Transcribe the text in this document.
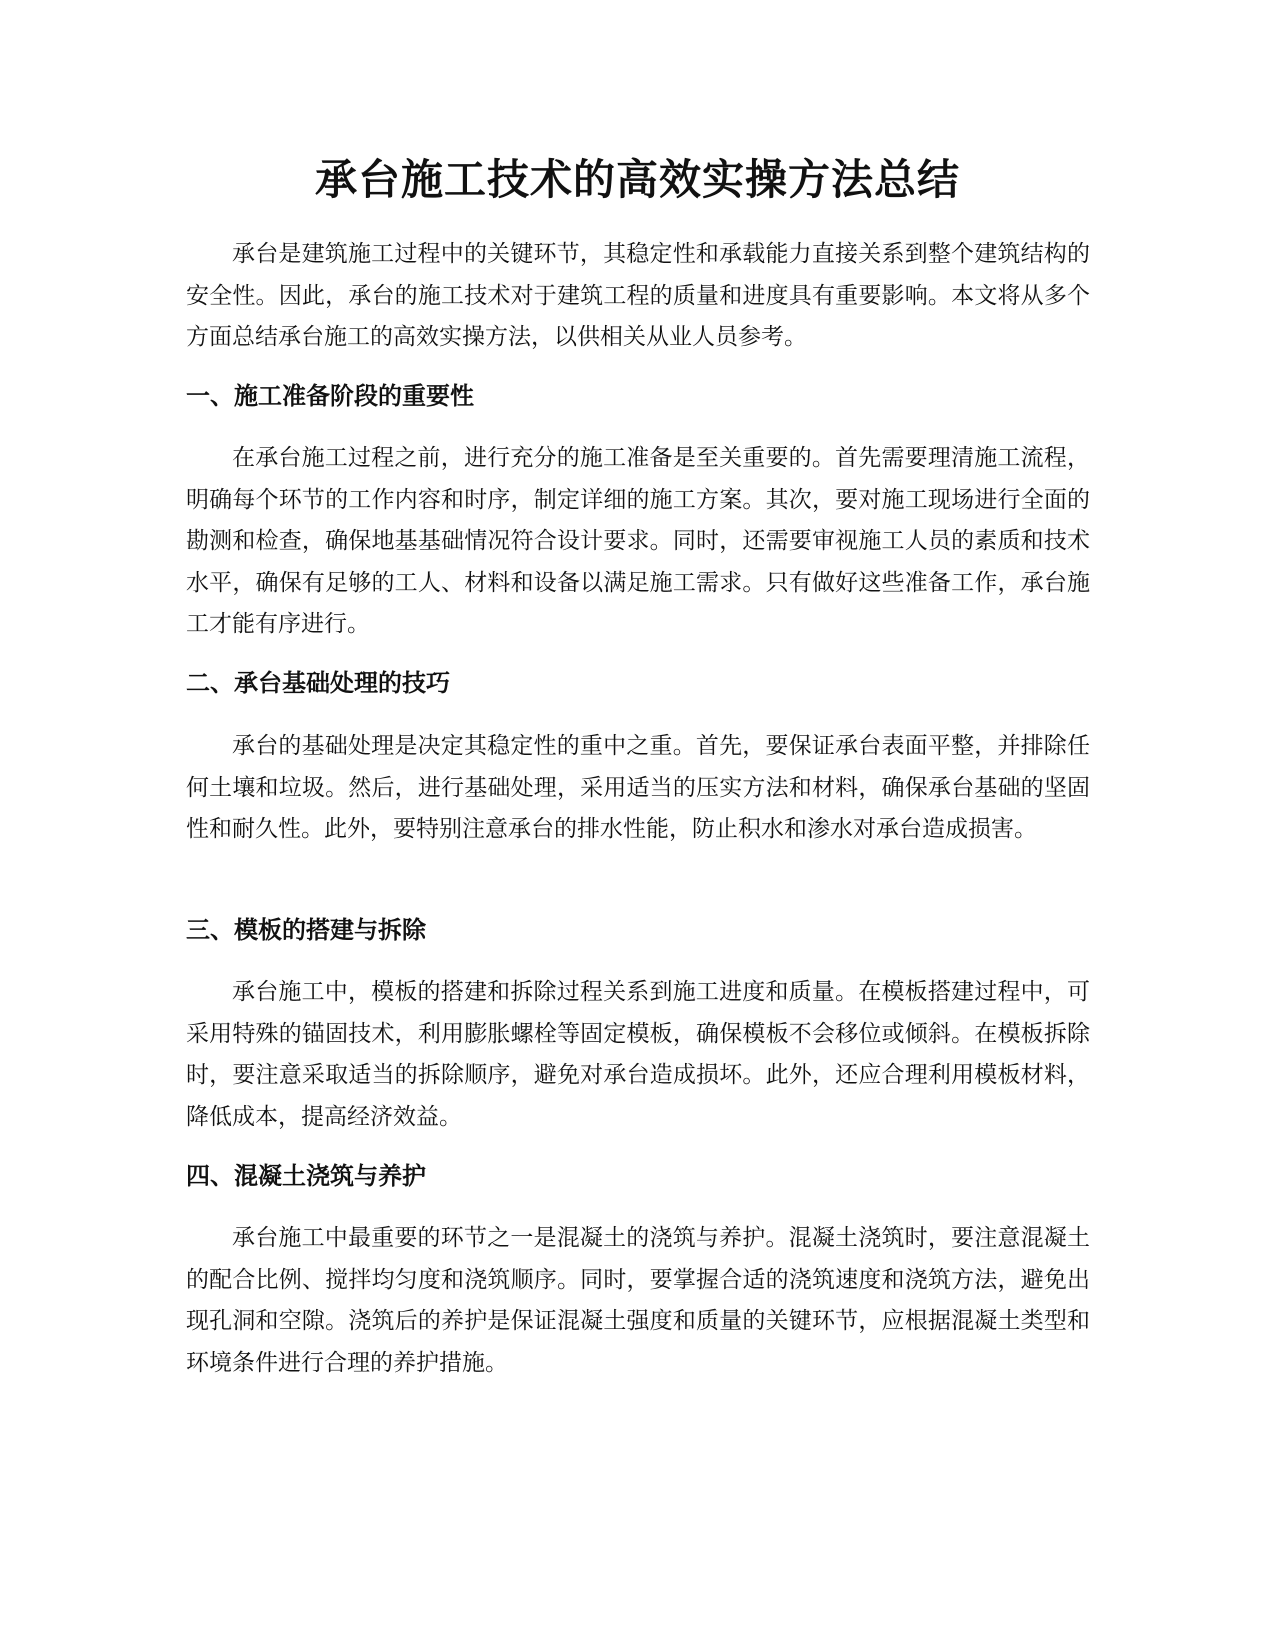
承台施工技术的高效实操方法总结

承台是建筑施工过程中的关键环节，其稳定性和承载能力直接关系到整个建筑结构的安全性。因此，承台的施工技术对于建筑工程的质量和进度具有重要影响。本文将从多个方面总结承台施工的高效实操方法，以供相关从业人员参考。

一、施工准备阶段的重要性

在承台施工过程之前，进行充分的施工准备是至关重要的。首先需要理清施工流程，明确每个环节的工作内容和时序，制定详细的施工方案。其次，要对施工现场进行全面的勘测和检查，确保地基基础情况符合设计要求。同时，还需要审视施工人员的素质和技术水平，确保有足够的工人、材料和设备以满足施工需求。只有做好这些准备工作，承台施工才能有序进行。

二、承台基础处理的技巧

承台的基础处理是决定其稳定性的重中之重。首先，要保证承台表面平整，并排除任何土壤和垃圾。然后，进行基础处理，采用适当的压实方法和材料，确保承台基础的坚固性和耐久性。此外，要特别注意承台的排水性能，防止积水和渗水对承台造成损害。

三、模板的搭建与拆除

承台施工中，模板的搭建和拆除过程关系到施工进度和质量。在模板搭建过程中，可采用特殊的锚固技术，利用膨胀螺栓等固定模板，确保模板不会移位或倾斜。在模板拆除时，要注意采取适当的拆除顺序，避免对承台造成损坏。此外，还应合理利用模板材料，降低成本，提高经济效益。

四、混凝土浇筑与养护

承台施工中最重要的环节之一是混凝土的浇筑与养护。混凝土浇筑时，要注意混凝土的配合比例、搅拌均匀度和浇筑顺序。同时，要掌握合适的浇筑速度和浇筑方法，避免出现孔洞和空隙。浇筑后的养护是保证混凝土强度和质量的关键环节，应根据混凝土类型和环境条件进行合理的养护措施。
